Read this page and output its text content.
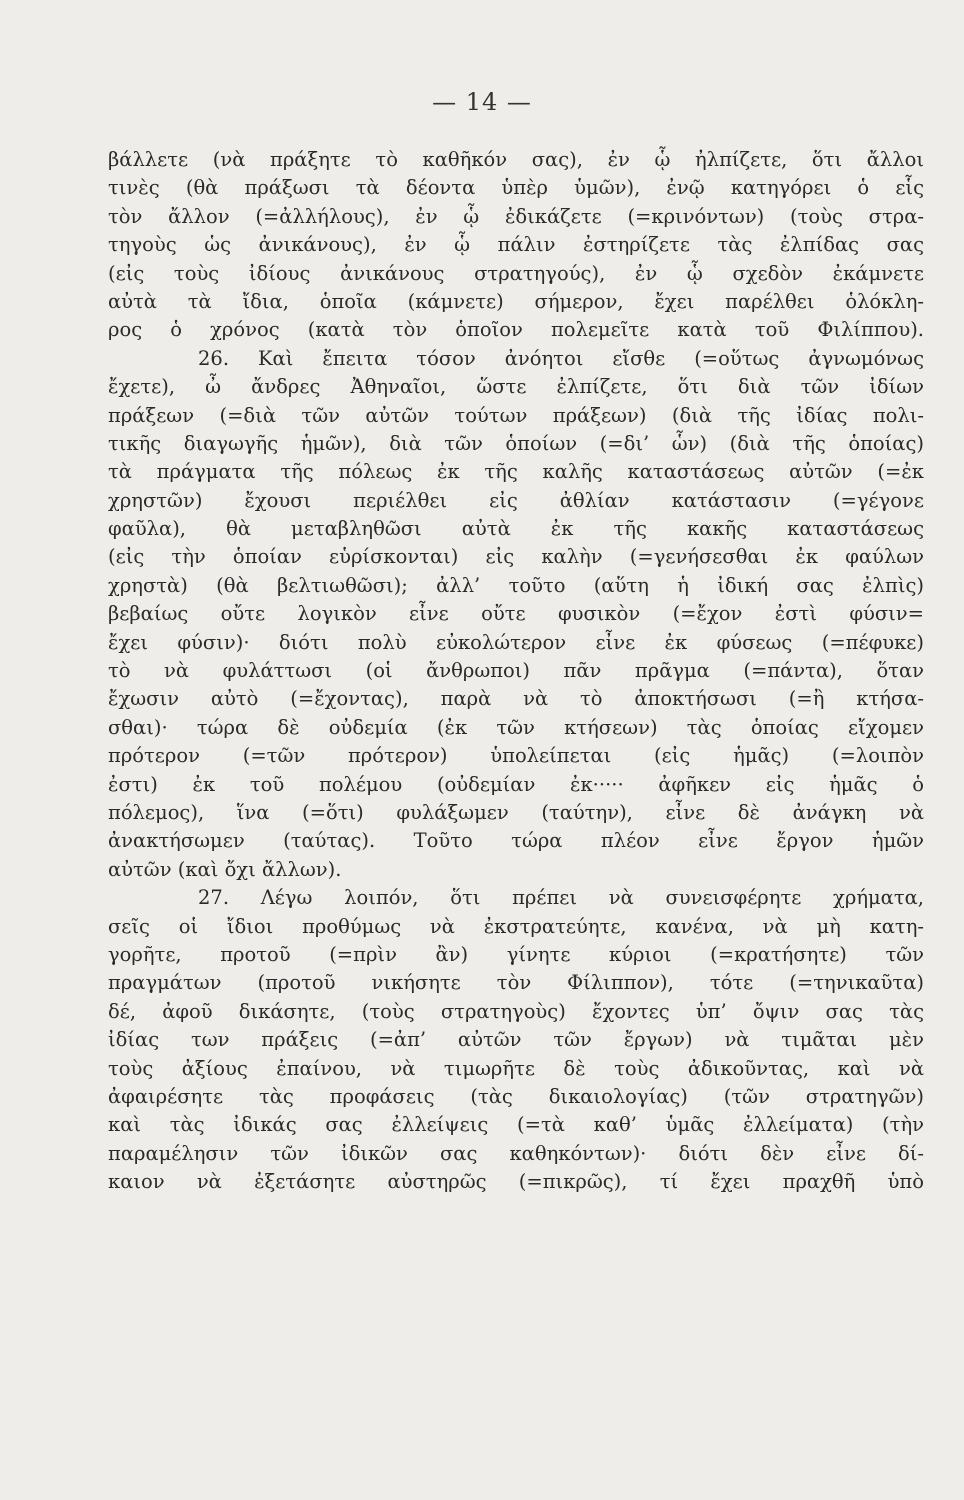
— 14 —
βάλλετε (νὰ πράξητε τὸ καθῆκόν σας), ἐν ᾧ ἠλπίζετε, ὅτι ἄλλοι
τινὲς (θὰ πράξωσι τὰ δέοντα ὑπὲρ ὑμῶν), ἐνῷ κατηγόρει ὁ εἷς
τὸν ἄλλον (=ἀλλήλους), ἐν ᾧ ἐδικάζετε (=κρινόντων) (τοὺς στρα-
τηγοὺς ὡς ἀνικάνους), ἐν ᾧ πάλιν ἐστηρίζετε τὰς ἐλπίδας σας
(εἰς τοὺς ἰδίους ἀνικάνους στρατηγούς), ἐν ᾧ σχεδὸν ἐκάμνετε
αὐτὰ τὰ ἴδια, ὁποῖα (κάμνετε) σήμερον, ἔχει παρέλθει ὁλόκλη-
ρος ὁ χρόνος (κατὰ τὸν ὁποῖον πολεμεῖτε κατὰ τοῦ Φιλίππου).
26. Καὶ ἔπειτα τόσον ἀνόητοι εἴσθε (=οὕτως ἀγνωμόνως
ἔχετε), ὦ ἄνδρες Ἀθηναῖοι, ὥστε ἐλπίζετε, ὅτι διὰ τῶν ἰδίων
πράξεων (=διὰ τῶν αὐτῶν τούτων πράξεων) (διὰ τῆς ἰδίας πολι-
τικῆς διαγωγῆς ἡμῶν), διὰ τῶν ὁποίων (=δι’ ὧν) (διὰ τῆς ὁποίας)
τὰ πράγματα τῆς πόλεως ἐκ τῆς καλῆς καταστάσεως αὐτῶν (=ἐκ
χρηστῶν) ἔχουσι περιέλθει εἰς ἀθλίαν κατάστασιν (=γέγονε
φαῦλα), θὰ μεταβληθῶσι αὐτὰ ἐκ τῆς κακῆς καταστάσεως
(εἰς τὴν ὁποίαν εὑρίσκονται) εἰς καλὴν (=γενήσεσθαι ἐκ φαύλων
χρηστὰ) (θὰ βελτιωθῶσι); ἀλλ’ τοῦτο (αὕτη ἡ ἰδική σας ἐλπὶς)
βεβαίως οὔτε λογικὸν εἶνε οὔτε φυσικὸν (=ἔχον ἐστὶ φύσιν=
ἔχει φύσιν)· διότι πολὺ εὐκολώτερον εἶνε ἐκ φύσεως (=πέφυκε)
τὸ νὰ φυλάττωσι (οἱ ἄνθρωποι) πᾶν πρᾶγμα (=πάντα), ὅταν
ἔχωσιν αὐτὸ (=ἔχοντας), παρὰ νὰ τὸ ἀποκτήσωσι (=ἢ κτήσα-
σθαι)· τώρα δὲ οὐδεμία (ἐκ τῶν κτήσεων) τὰς ὁποίας εἴχομεν
πρότερον (=τῶν πρότερον) ὑπολείπεται (εἰς ἡμᾶς) (=λοιπὸν
ἐστι) ἐκ τοῦ πολέμου (οὐδεμίαν ἐκ····· ἀφῆκεν εἰς ἡμᾶς ὁ
πόλεμος), ἵνα (=ὅτι) φυλάξωμεν (ταύτην), εἶνε δὲ ἀνάγκη νὰ
ἀνακτήσωμεν (ταύτας). Τοῦτο τώρα πλέον εἶνε ἔργον ἡμῶν
αὐτῶν (καὶ ὄχι ἄλλων).
27. Λέγω λοιπόν, ὅτι πρέπει νὰ συνεισφέρητε χρήματα,
σεῖς οἱ ἴδιοι προθύμως νὰ ἐκστρατεύητε, κανένα, νὰ μὴ κατη-
γορῆτε, προτοῦ (=πρὶν ἂν) γίνητε κύριοι (=κρατήσητε) τῶν
πραγμάτων (προτοῦ νικήσητε τὸν Φίλιππον), τότε (=τηνικαῦτα)
δέ, ἀφοῦ δικάσητε, (τοὺς στρατηγοὺς) ἔχοντες ὑπ’ ὄψιν σας τὰς
ἰδίας των πράξεις (=ἀπ’ αὐτῶν τῶν ἔργων) νὰ τιμᾶται μὲν
τοὺς ἀξίους ἐπαίνου, νὰ τιμωρῆτε δὲ τοὺς ἀδικοῦντας, καὶ νὰ
ἀφαιρέσητε τὰς προφάσεις (τὰς δικαιολογίας) (τῶν στρατηγῶν)
καὶ τὰς ἰδικάς σας ἐλλείψεις (=τὰ καθ’ ὑμᾶς ἐλλείματα) (τὴν
παραμέλησιν τῶν ἰδικῶν σας καθηκόντων)· διότι δὲν εἶνε δί-
καιον νὰ ἐξετάσητε αὐστηρῶς (=πικρῶς), τί ἔχει πραχθῆ ὑπὸ
